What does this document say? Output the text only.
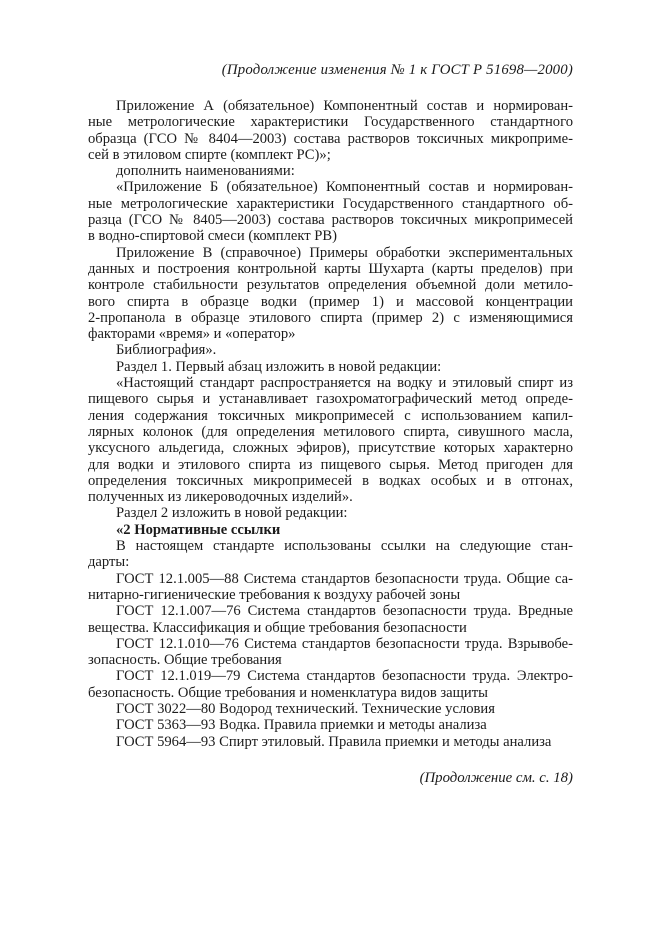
(Продолжение изменения № 1 к ГОСТ Р 51698—2000)
Приложение А (обязательное) Компонентный состав и нормирован-
ные метрологические характеристики Государственного стандартного
образца (ГСО № 8404—2003) состава растворов токсичных микроприме-
сей в этиловом спирте (комплект РС)»;
дополнить наименованиями:
«Приложение Б (обязательное) Компонентный состав и нормирован-
ные метрологические характеристики Государственного стандартного об-
разца (ГСО № 8405—2003) состава растворов токсичных микропримесей
в водно-спиртовой смеси (комплект РВ)
Приложение В (справочное) Примеры обработки экспериментальных
данных и построения контрольной карты Шухарта (карты пределов) при
контроле стабильности результатов определения объемной доли метило-
вого спирта в образце водки (пример 1) и массовой концентрации
2-пропанола в образце этилового спирта (пример 2) с изменяющимися
факторами «время» и «оператор»
Библиография».
Раздел 1. Первый абзац изложить в новой редакции:
«Настоящий стандарт распространяется на водку и этиловый спирт из
пищевого сырья и устанавливает газохроматографический метод опреде-
ления содержания токсичных микропримесей с использованием капил-
лярных колонок (для определения метилового спирта, сивушного масла,
уксусного альдегида, сложных эфиров), присутствие которых характерно
для водки и этилового спирта из пищевого сырья. Метод пригоден для
определения токсичных микропримесей в водках особых и в отгонах,
полученных из ликероводочных изделий».
Раздел 2 изложить в новой редакции:
«2 Нормативные ссылки
В настоящем стандарте использованы ссылки на следующие стан-
дарты:
ГОСТ 12.1.005—88 Система стандартов безопасности труда. Общие са-
нитарно-гигиенические требования к воздуху рабочей зоны
ГОСТ 12.1.007—76 Система стандартов безопасности труда. Вредные
вещества. Классификация и общие требования безопасности
ГОСТ 12.1.010—76 Система стандартов безопасности труда. Взрывобе-
зопасность. Общие требования
ГОСТ 12.1.019—79 Система стандартов безопасности труда. Электро-
безопасность. Общие требования и номенклатура видов защиты
ГОСТ 3022—80 Водород технический. Технические условия
ГОСТ 5363—93 Водка. Правила приемки и методы анализа
ГОСТ 5964—93 Спирт этиловый. Правила приемки и методы анализа
(Продолжение см. с. 18)
